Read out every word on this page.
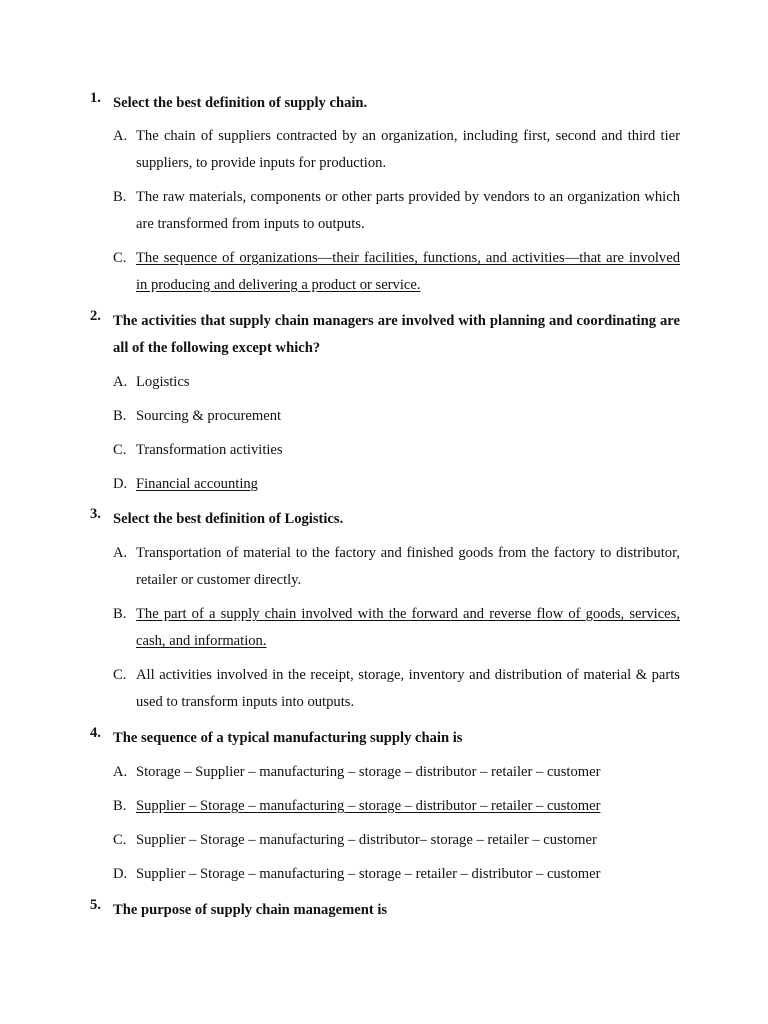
1. Select the best definition of supply chain.
A. The chain of suppliers contracted by an organization, including first, second and third tier suppliers, to provide inputs for production.
B. The raw materials, components or other parts provided by vendors to an organization which are transformed from inputs to outputs.
C. The sequence of organizations—their facilities, functions, and activities—that are involved in producing and delivering a product or service.
2. The activities that supply chain managers are involved with planning and coordinating are all of the following except which?
A. Logistics
B. Sourcing & procurement
C. Transformation activities
D. Financial accounting
3. Select the best definition of Logistics.
A. Transportation of material to the factory and finished goods from the factory to distributor, retailer or customer directly.
B. The part of a supply chain involved with the forward and reverse flow of goods, services, cash, and information.
C. All activities involved in the receipt, storage, inventory and distribution of material & parts used to transform inputs into outputs.
4. The sequence of a typical manufacturing supply chain is
A. Storage – Supplier – manufacturing – storage – distributor – retailer – customer
B. Supplier – Storage – manufacturing – storage – distributor – retailer – customer
C. Supplier – Storage – manufacturing – distributor– storage – retailer – customer
D. Supplier – Storage – manufacturing – storage – retailer – distributor – customer
5. The purpose of supply chain management is
